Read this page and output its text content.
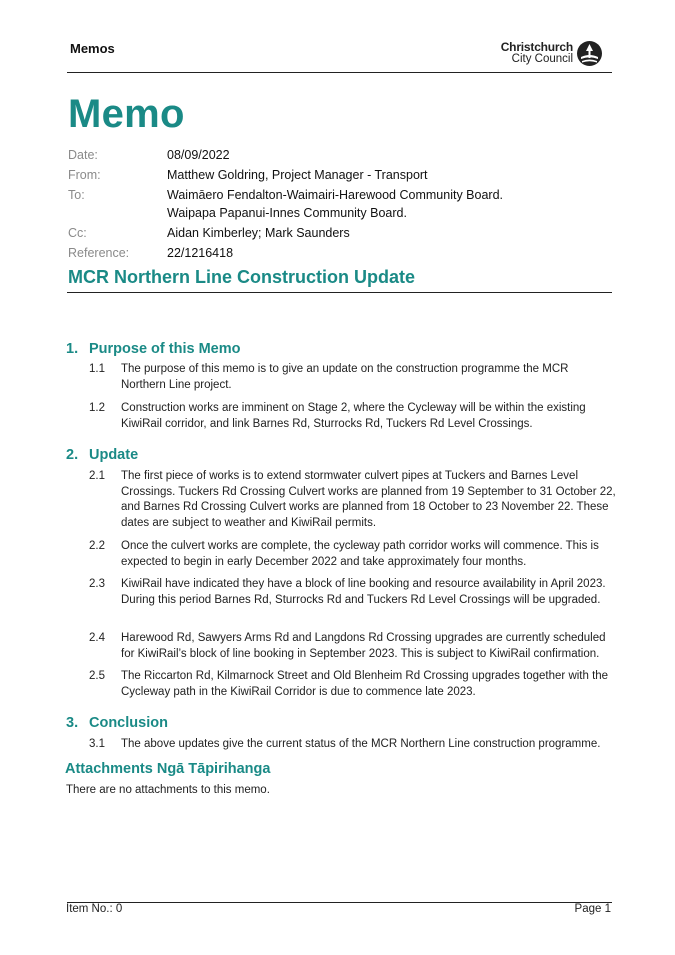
Memos	Christchurch
City Council
Memo
Date:	08/09/2022
From:	Matthew Goldring, Project Manager - Transport
To:	Waimāero Fendalton-Waimairi-Harewood Community Board.
Waipapa Papanui-Innes Community Board.
Cc:	Aidan Kimberley; Mark Saunders
Reference:	22/1216418
MCR Northern Line Construction Update
1. Purpose of this Memo
1.1 The purpose of this memo is to give an update on the construction programme the MCR Northern Line project.
1.2 Construction works are imminent on Stage 2, where the Cycleway will be within the existing KiwiRail corridor, and link Barnes Rd, Sturrocks Rd, Tuckers Rd Level Crossings.
2. Update
2.1 The first piece of works is to extend stormwater culvert pipes at Tuckers and Barnes Level Crossings. Tuckers Rd Crossing Culvert works are planned from 19 September to 31 October 22, and Barnes Rd Crossing Culvert works are planned from 18 October to 23 November 22. These dates are subject to weather and KiwiRail permits.
2.2 Once the culvert works are complete, the cycleway path corridor works will commence. This is expected to begin in early December 2022 and take approximately four months.
2.3 KiwiRail have indicated they have a block of line booking and resource availability in April 2023. During this period Barnes Rd, Sturrocks Rd and Tuckers Rd Level Crossings will be upgraded.
2.4 Harewood Rd, Sawyers Arms Rd and Langdons Rd Crossing upgrades are currently scheduled for KiwiRail’s block of line booking in September 2023. This is subject to KiwiRail confirmation.
2.5 The Riccarton Rd, Kilmarnock Street and Old Blenheim Rd Crossing upgrades together with the Cycleway path in the KiwiRail Corridor is due to commence late 2023.
3. Conclusion
3.1 The above updates give the current status of the MCR Northern Line construction programme.
Attachments Ngā Tāpirihanga
There are no attachments to this memo.
Item No.: 0	Page 1
